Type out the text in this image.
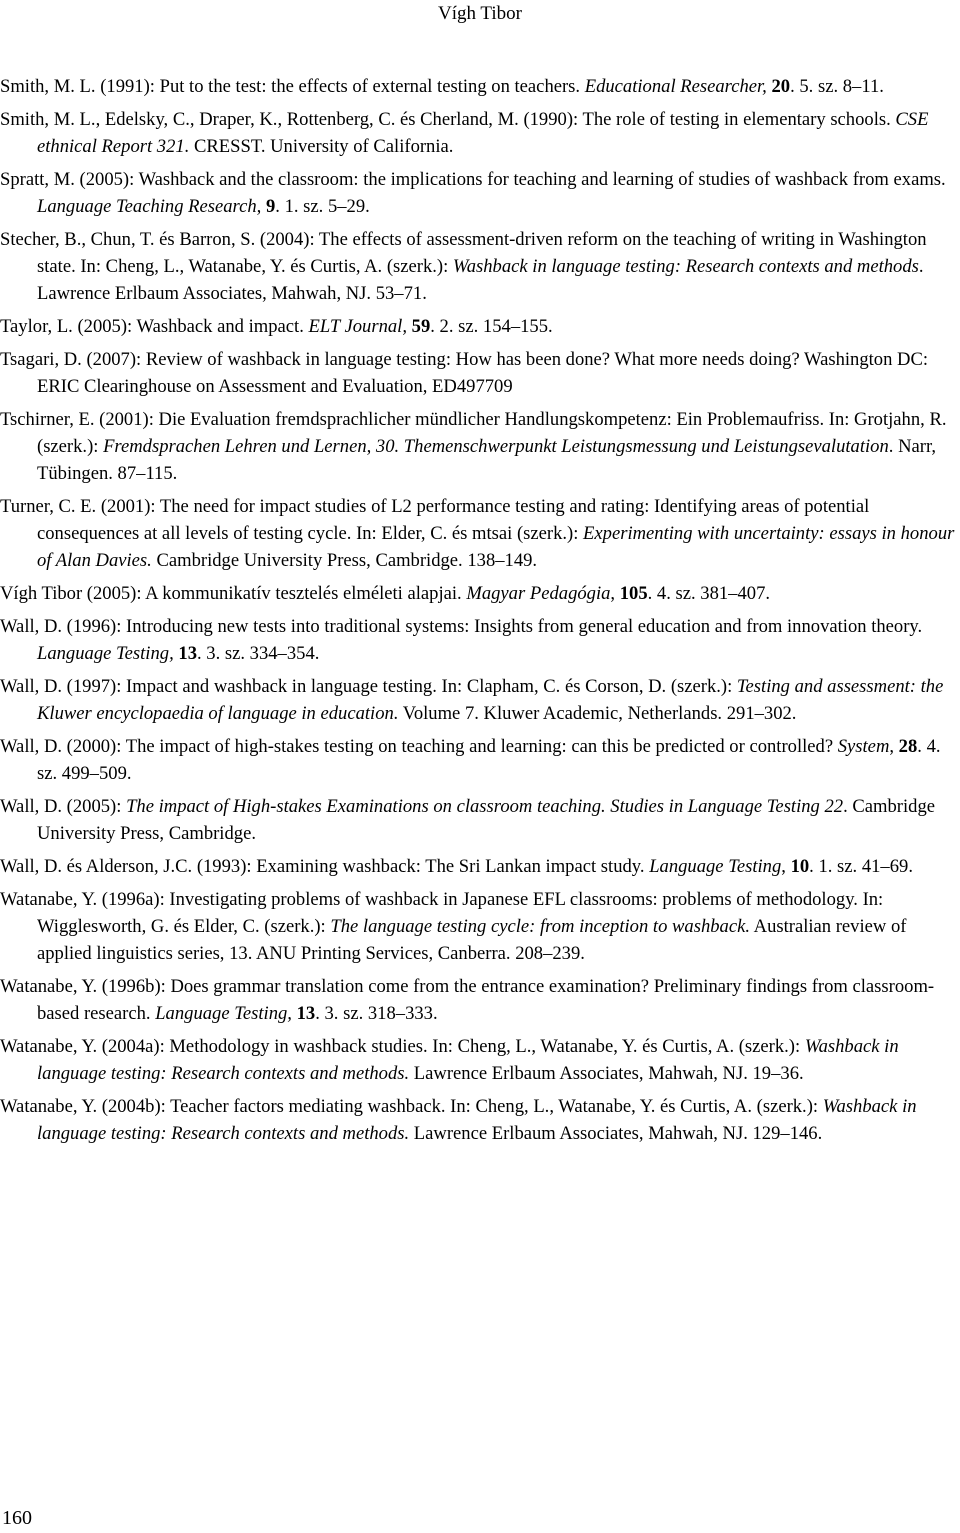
Vígh Tibor
Smith, M. L. (1991): Put to the test: the effects of external testing on teachers. Educational Researcher, 20. 5. sz. 8–11.
Smith, M. L., Edelsky, C., Draper, K., Rottenberg, C. és Cherland, M. (1990): The role of testing in elementary schools. CSE ethnical Report 321. CRESST. University of California.
Spratt, M. (2005): Washback and the classroom: the implications for teaching and learning of studies of washback from exams. Language Teaching Research, 9. 1. sz. 5–29.
Stecher, B., Chun, T. és Barron, S. (2004): The effects of assessment-driven reform on the teaching of writing in Washington state. In: Cheng, L., Watanabe, Y. és Curtis, A. (szerk.): Washback in language testing: Research contexts and methods. Lawrence Erlbaum Associates, Mahwah, NJ. 53–71.
Taylor, L. (2005): Washback and impact. ELT Journal, 59. 2. sz. 154–155.
Tsagari, D. (2007): Review of washback in language testing: How has been done? What more needs doing? Washington DC: ERIC Clearinghouse on Assessment and Evaluation, ED497709
Tschirner, E. (2001): Die Evaluation fremdsprachlicher mündlicher Handlungskompetenz: Ein Problemaufriss. In: Grotjahn, R. (szerk.): Fremdsprachen Lehren und Lernen, 30. Themenschwerpunkt Leistungsmessung und Leistungsevalutation. Narr, Tübingen. 87–115.
Turner, C. E. (2001): The need for impact studies of L2 performance testing and rating: Identifying areas of potential consequences at all levels of testing cycle. In: Elder, C. és mtsai (szerk.): Experimenting with uncertainty: essays in honour of Alan Davies. Cambridge University Press, Cambridge. 138–149.
Vígh Tibor (2005): A kommunikatív tesztelés elméleti alapjai. Magyar Pedagógia, 105. 4. sz. 381–407.
Wall, D. (1996): Introducing new tests into traditional systems: Insights from general education and from innovation theory. Language Testing, 13. 3. sz. 334–354.
Wall, D. (1997): Impact and washback in language testing. In: Clapham, C. és Corson, D. (szerk.): Testing and assessment: the Kluwer encyclopaedia of language in education. Volume 7. Kluwer Academic, Netherlands. 291–302.
Wall, D. (2000): The impact of high-stakes testing on teaching and learning: can this be predicted or controlled? System, 28. 4. sz. 499–509.
Wall, D. (2005): The impact of High-stakes Examinations on classroom teaching. Studies in Language Testing 22. Cambridge University Press, Cambridge.
Wall, D. és Alderson, J.C. (1993): Examining washback: The Sri Lankan impact study. Language Testing, 10. 1. sz. 41–69.
Watanabe, Y. (1996a): Investigating problems of washback in Japanese EFL classrooms: problems of methodology. In: Wigglesworth, G. és Elder, C. (szerk.): The language testing cycle: from inception to washback. Australian review of applied linguistics series, 13. ANU Printing Services, Canberra. 208–239.
Watanabe, Y. (1996b): Does grammar translation come from the entrance examination? Preliminary findings from classroom-based research. Language Testing, 13. 3. sz. 318–333.
Watanabe, Y. (2004a): Methodology in washback studies. In: Cheng, L., Watanabe, Y. és Curtis, A. (szerk.): Washback in language testing: Research contexts and methods. Lawrence Erlbaum Associates, Mahwah, NJ. 19–36.
Watanabe, Y. (2004b): Teacher factors mediating washback. In: Cheng, L., Watanabe, Y. és Curtis, A. (szerk.): Washback in language testing: Research contexts and methods. Lawrence Erlbaum Associates, Mahwah, NJ. 129–146.
160
